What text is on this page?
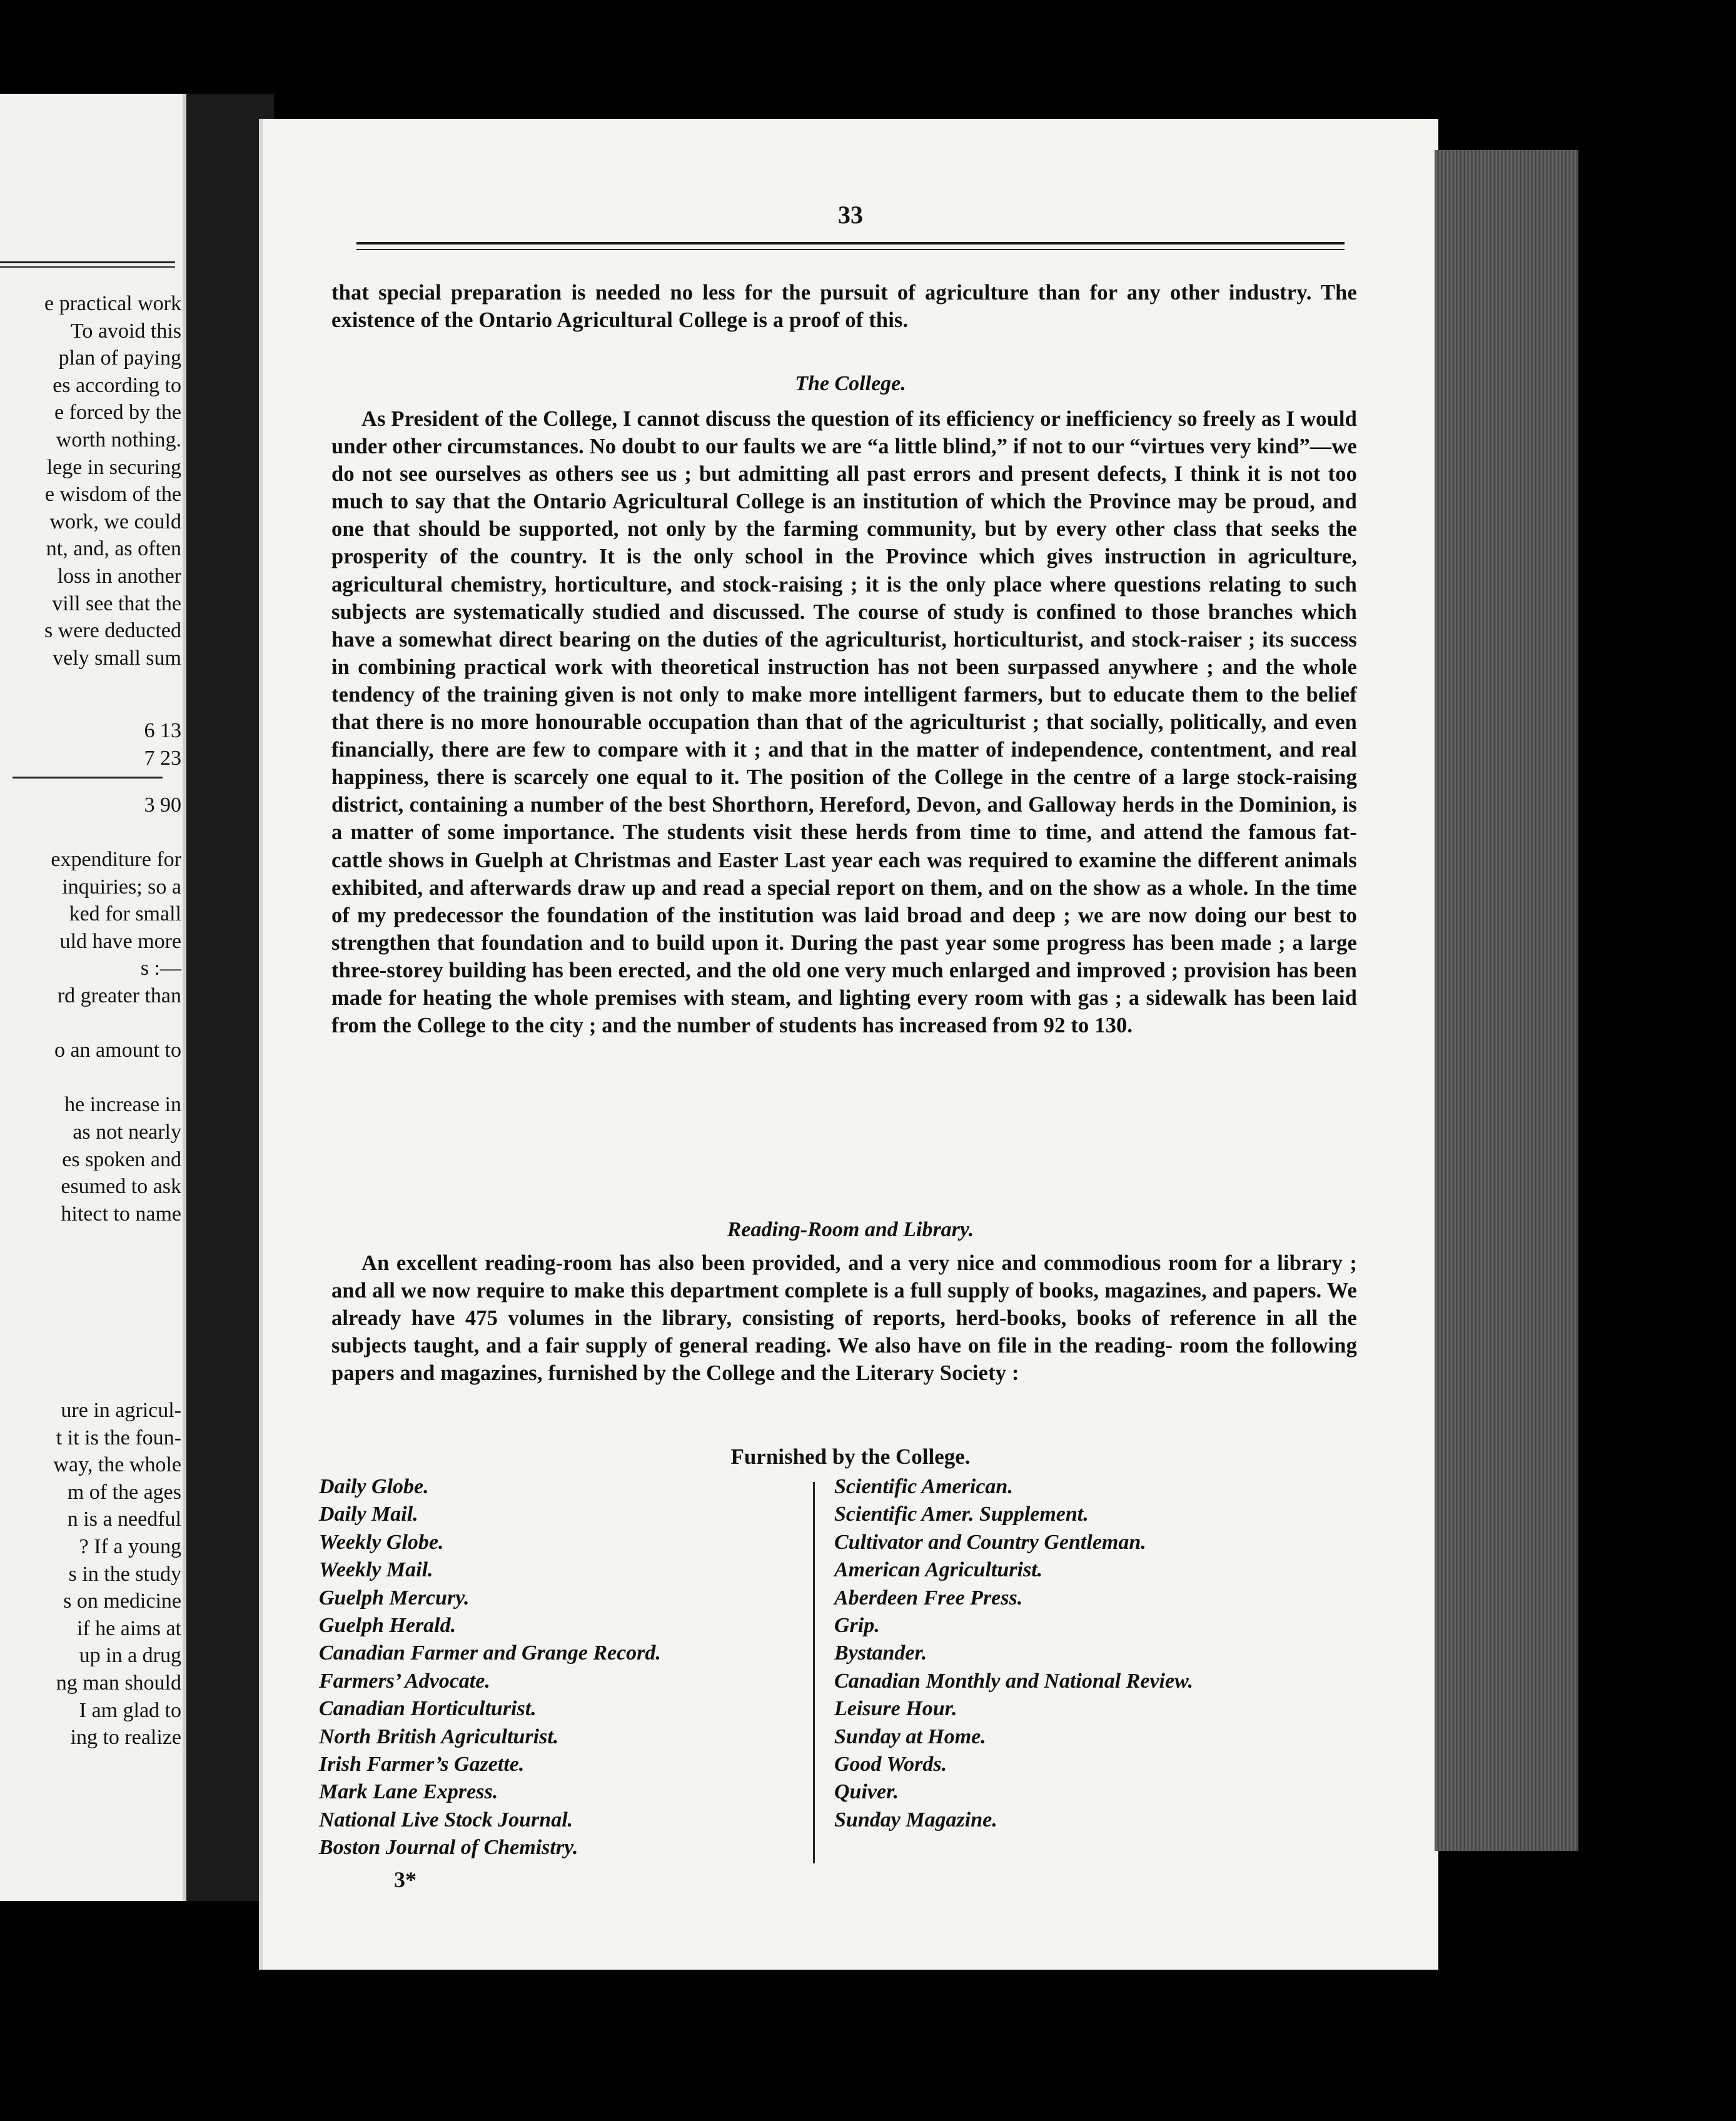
e practical work
To avoid this
plan of paying
es according to
e forced by the
worth nothing.
lege in securing
e wisdom of the
work, we could
nt, and, as often
loss in another
vill see that the
s were deducted
vely small sum
6 13
7 23
3 90
expenditure for
inquiries; so a
ked for small
uld have more
s :—
rd greater than
o an amount to
he increase in
as not nearly
es spoken and
esumed to ask
hitect to name
ure in agricul-
t it is the foun-
way, the whole
m of the ages
n is a needful
? If a young
s in the study
s on medicine
if he aims at
up in a drug
ng man should
I am glad to
ing to realize
33

that special preparation is needed no less for the pursuit of agriculture than for any other industry. The existence of the Ontario Agricultural College is a proof of this.

The College.

As President of the College, I cannot discuss the question of its efficiency or inefficiency so freely as I would under other circumstances. No doubt to our faults we are “a little blind,” if not to our “virtues very kind”—we do not see ourselves as others see us ; but admitting all past errors and present defects, I think it is not too much to say that the Ontario Agricultural College is an institution of which the Province may be proud, and one that should be supported, not only by the farming community, but by every other class that seeks the prosperity of the country. It is the only school in the Province which gives instruction in agriculture, agricultural chemistry, horticulture, and stock-raising ; it is the only place where questions relating to such subjects are systematically studied and discussed. The course of study is confined to those branches which have a somewhat direct bearing on the duties of the agriculturist, horticulturist, and stock-raiser ; its success in combining practical work with theoretical instruction has not been surpassed anywhere ; and the whole tendency of the training given is not only to make more intelligent farmers, but to educate them to the belief that there is no more honourable occupation than that of the agriculturist ; that socially, politically, and even financially, there are few to compare with it ; and that in the matter of independence, contentment, and real happiness, there is scarcely one equal to it. The position of the College in the centre of a large stock-raising district, containing a number of the best Shorthorn, Hereford, Devon, and Galloway herds in the Dominion, is a matter of some importance. The students visit these herds from time to time, and attend the famous fat-cattle shows in Guelph at Christmas and Easter Last year each was required to examine the different animals exhibited, and afterwards draw up and read a special report on them, and on the show as a whole. In the time of my predecessor the foundation of the institution was laid broad and deep ; we are now doing our best to strengthen that foundation and to build upon it. During the past year some progress has been made ; a large three-storey building has been erected, and the old one very much enlarged and improved ; provision has been made for heating the whole premises with steam, and lighting every room with gas ; a sidewalk has been laid from the College to the city ; and the number of students has increased from 92 to 130.

Reading-Room and Library.

An excellent reading-room has also been provided, and a very nice and commodious room for a library ; and all we now require to make this department complete is a full supply of books, magazines, and papers. We already have 475 volumes in the library, consisting of reports, herd-books, books of reference in all the subjects taught, and a fair supply of general reading. We also have on file in the reading- room the following papers and magazines, furnished by the College and the Literary Society :

Furnished by the College.
Daily Globe.
Daily Mail.
Weekly Globe.
Weekly Mail.
Guelph Mercury.
Guelph Herald.
Canadian Farmer and Grange Record.
Farmers’ Advocate.
Canadian Horticulturist.
North British Agriculturist.
Irish Farmer’s Gazette.
Mark Lane Express.
National Live Stock Journal.
Boston Journal of Chemistry.
Scientific American.
Scientific Amer. Supplement.
Cultivator and Country Gentleman.
American Agriculturist.
Aberdeen Free Press.
Grip.
Bystander.
Canadian Monthly and National Review.
Leisure Hour.
Sunday at Home.
Good Words.
Quiver.
Sunday Magazine.
3*
